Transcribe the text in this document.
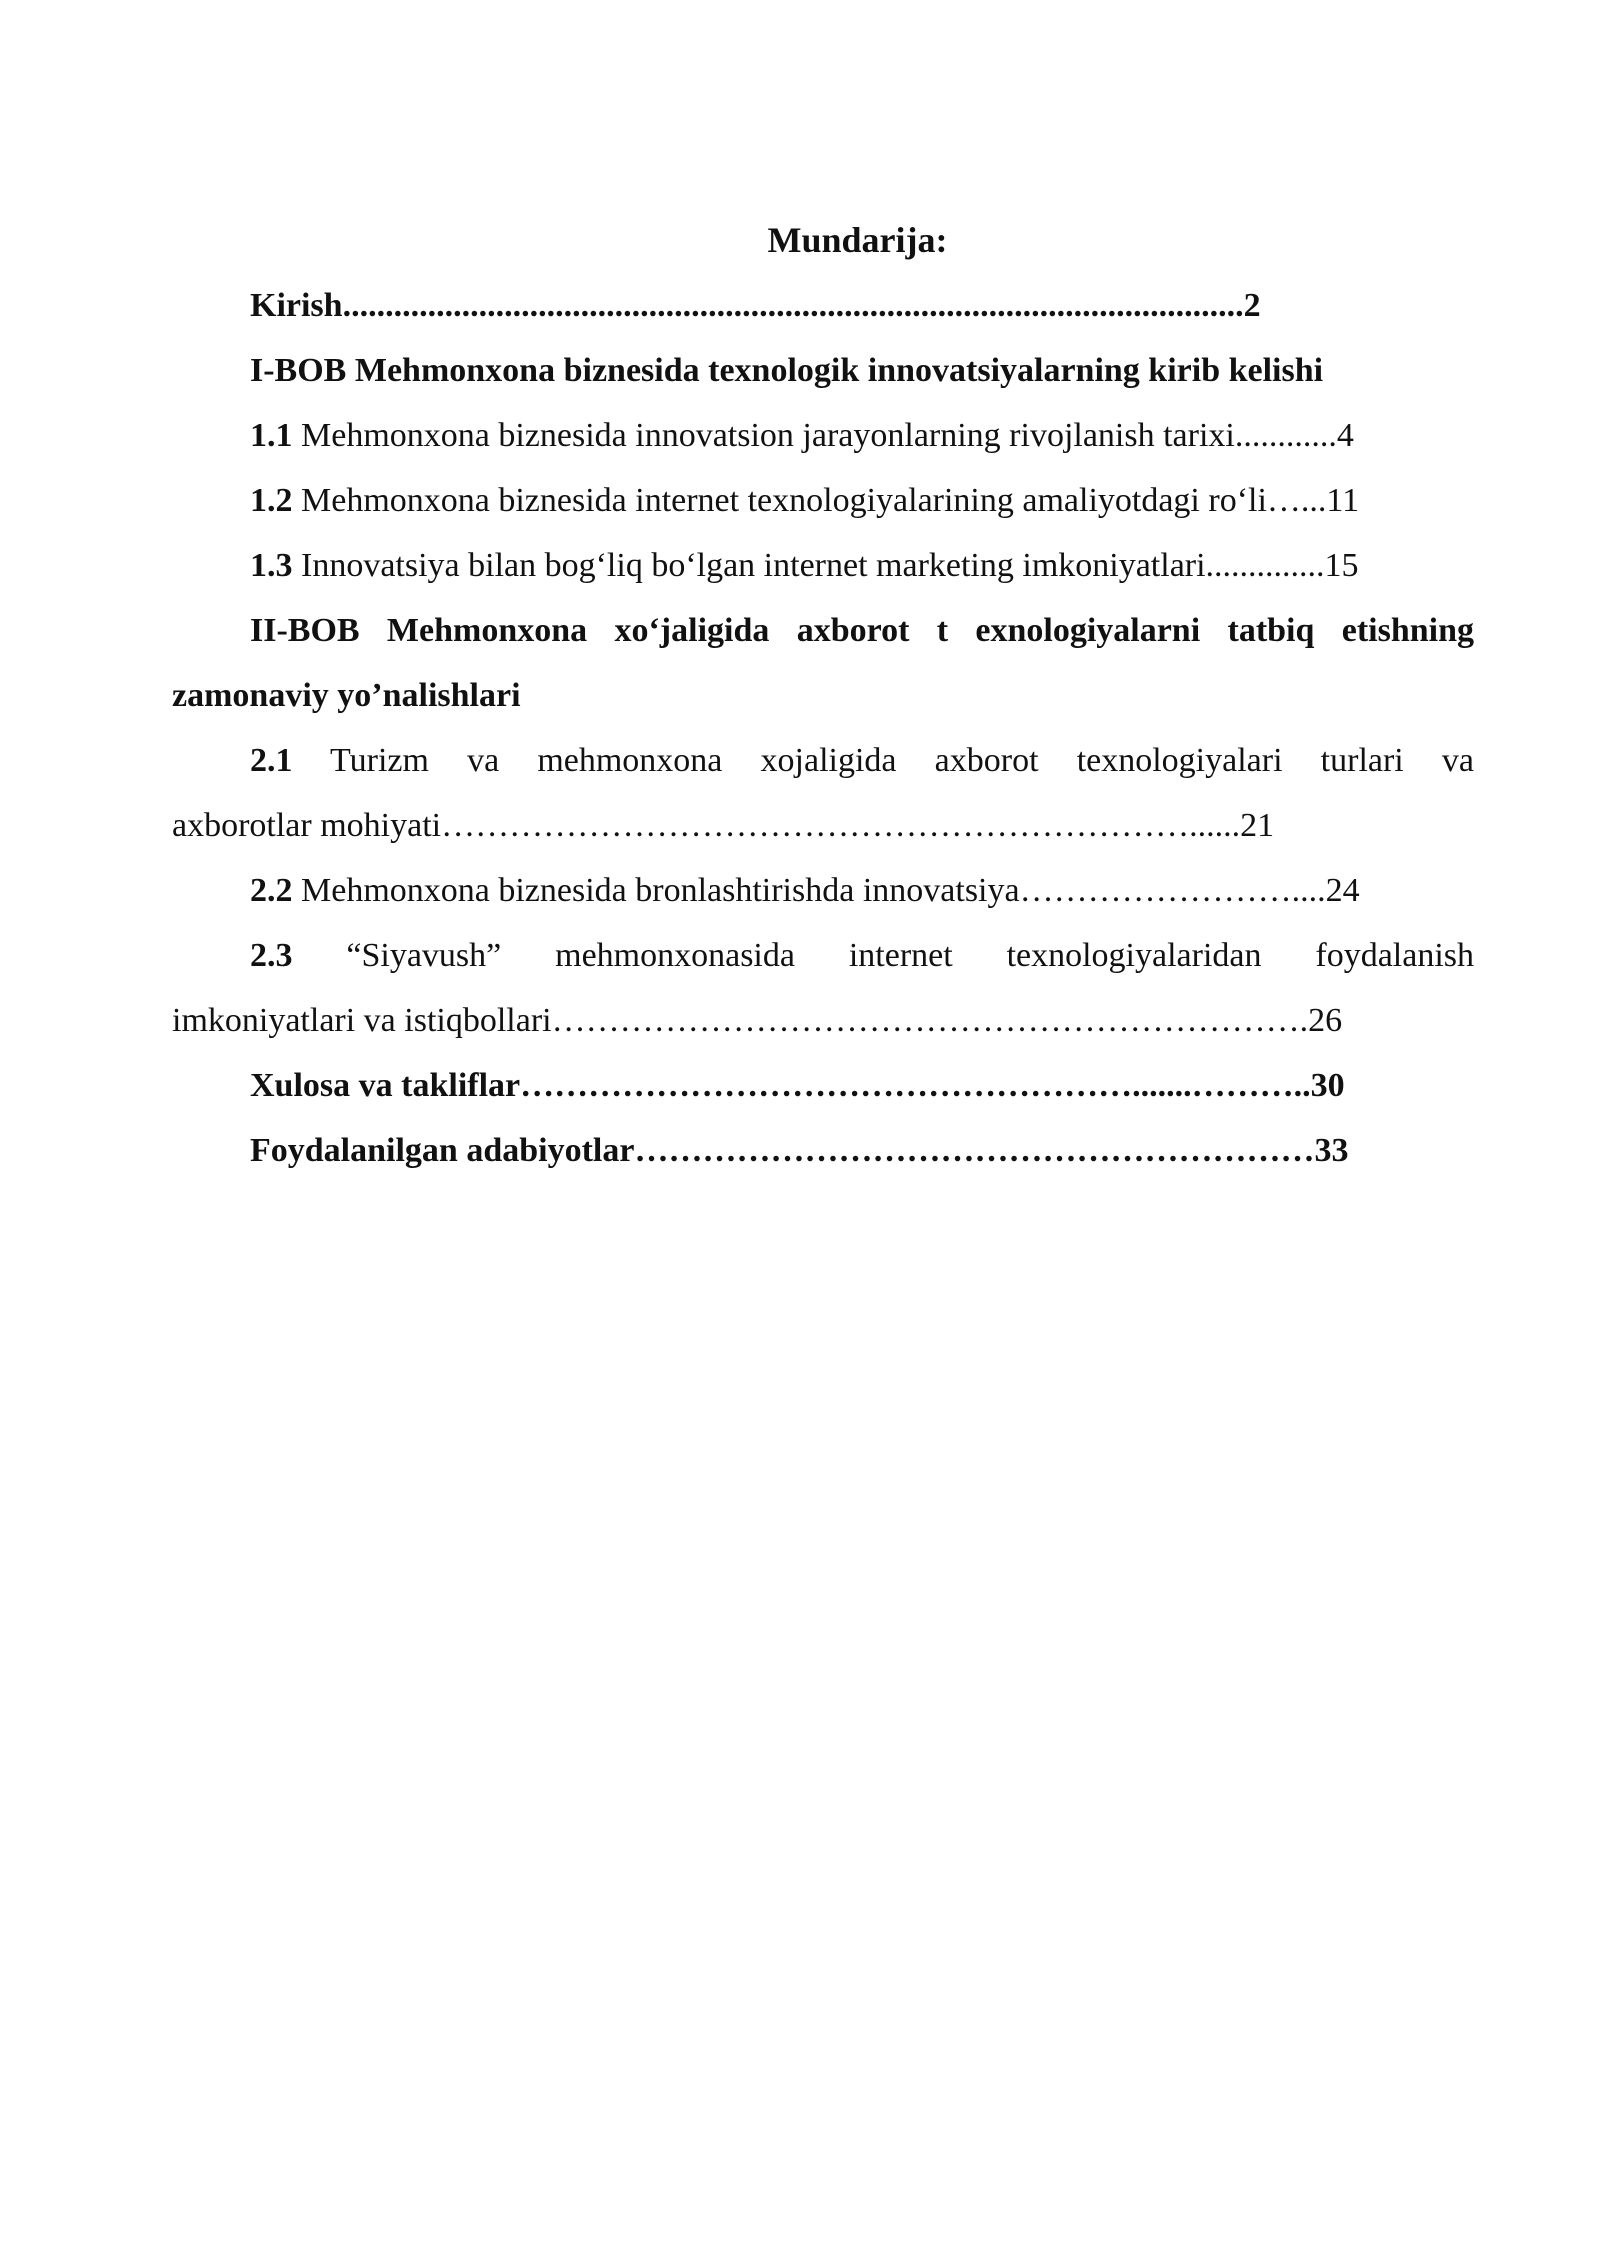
Mundarija:
Kirish..........................................................................................................2
I-BOB Mehmonxona biznesida texnologik innovatsiyalarning kirib kelishi
1.1 Mehmonxona biznesida innovatsion jarayonlarning rivojlanish tarixi............4
1.2 Mehmonxona biznesida internet texnologiyalarining amaliyotdagi ro‘li…...11
1.3 Innovatsiya bilan bog‘liq bo‘lgan internet marketing imkoniyatlari..............15
II-BOB Mehmonxona xo‘jaligida axborot t exnologiyalarni tatbiq etishning
zamonaviy yo’nalishlari
2.1 Turizm va mehmonxona xojaligida axborot texnologiyalari turlari va
axborotlar mohiyati…………………………………………………………......21
2.2 Mehmonxona biznesida bronlashtirishda innovatsiya……………………....24
2.3 “Siyavush” mehmonxonasida internet texnologiyalaridan foydalanish
imkoniyatlari va istiqbollari………………………………………………………….26
Xulosa va takliflar……………………………………………….......………..30
Foydalanilgan adabiyotlar……………………………………………………33
